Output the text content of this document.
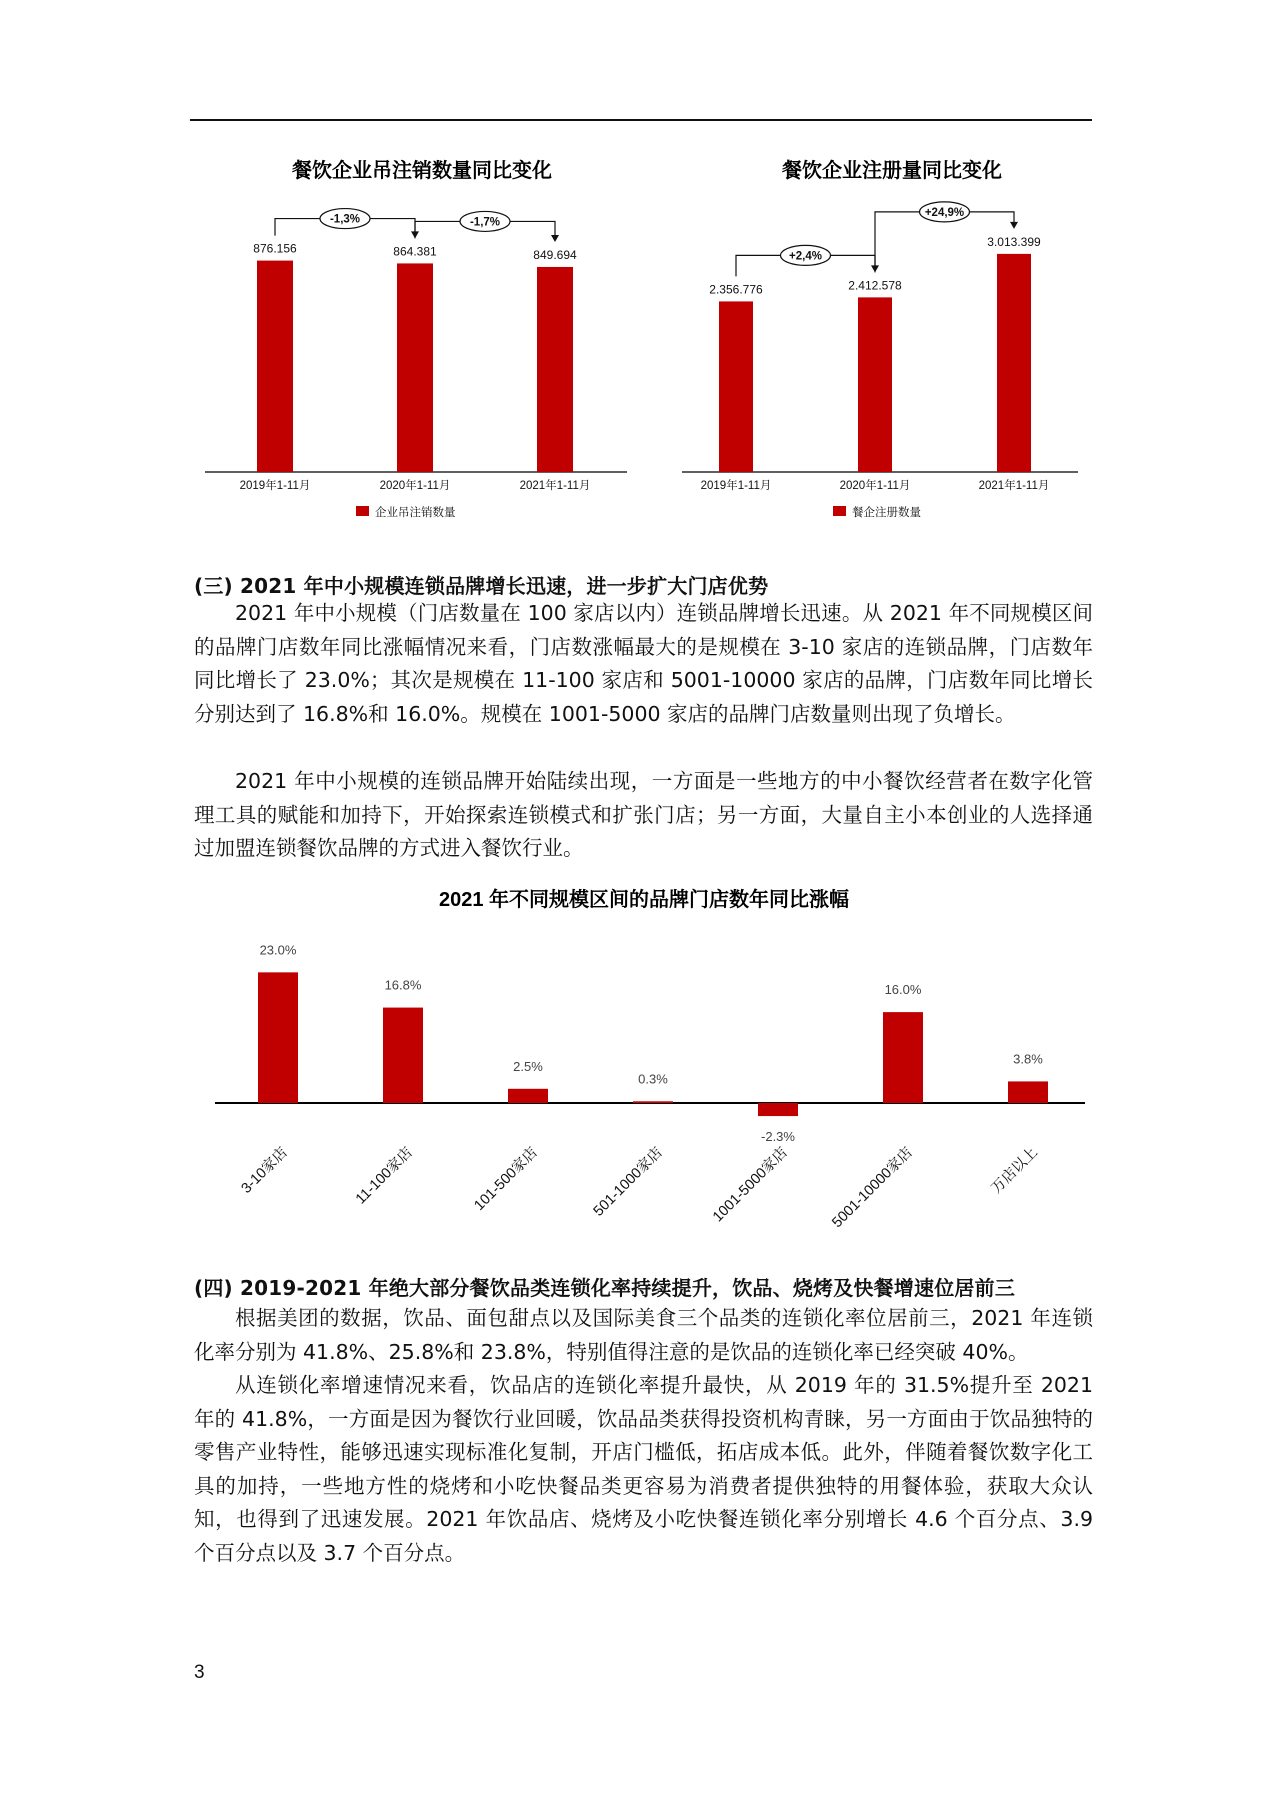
餐饮企业吊注销数量同比变化
876.156
2019年1-11月
864.381
2020年1-11月
849.694
2021年1-11月
-1,3%	-1,7%
企业吊注销数量
餐饮企业注册量同比变化
2.356.776
2019年1-11月
2.412.578
2020年1-11月
3.013.399
2021年1-11月
+2,4%
+24,9%
餐企注册数量
(三) 2021 年中小规模连锁品牌增长迅速，进一步扩大门店优势

2021 年中小规模（门店数量在 100 家店以内）连锁品牌增长迅速。从 2021 年不同规模区间的品牌门店数年同比涨幅情况来看，门店数涨幅最大的是规模在 3-10 家店的连锁品牌，门店数年同比增长了 23.0%；其次是规模在 11-100 家店和 5001-10000 家店的品牌，门店数年同比增长分别达到了 16.8%和 16.0%。规模在 1001-5000 家店的品牌门店数量则出现了负增长。

2021 年中小规模的连锁品牌开始陆续出现，一方面是一些地方的中小餐饮经营者在数字化管理工具的赋能和加持下，开始探索连锁模式和扩张门店；另一方面，大量自主小本创业的人选择通过加盟连锁餐饮品牌的方式进入餐饮行业。

2021 年不同规模区间的品牌门店数年同比涨幅
23.0%
3-10家店
16.8%
11-100家店
2.5%
101-500家店
0.3%
501-1000家店
-2.3%
1001-5000家店
16.0%
5001-10000家店
3.8%
万店以上
(四) 2019-2021 年绝大部分餐饮品类连锁化率持续提升，饮品、烧烤及快餐增速位居前三

根据美团的数据，饮品、面包甜点以及国际美食三个品类的连锁化率位居前三，2021 年连锁化率分别为 41.8%、25.8%和 23.8%，特别值得注意的是饮品的连锁化率已经突破 40%。

从连锁化率增速情况来看，饮品店的连锁化率提升最快，从 2019 年的 31.5%提升至 2021 年的 41.8%，一方面是因为餐饮行业回暖，饮品品类获得投资机构青睐，另一方面由于饮品独特的零售产业特性，能够迅速实现标准化复制，开店门槛低，拓店成本低。此外，伴随着餐饮数字化工具的加持，一些地方性的烧烤和小吃快餐品类更容易为消费者提供独特的用餐体验，获取大众认知，也得到了迅速发展。2021 年饮品店、烧烤及小吃快餐连锁化率分别增长 4.6 个百分点、3.9 个百分点以及 3.7 个百分点。

3
